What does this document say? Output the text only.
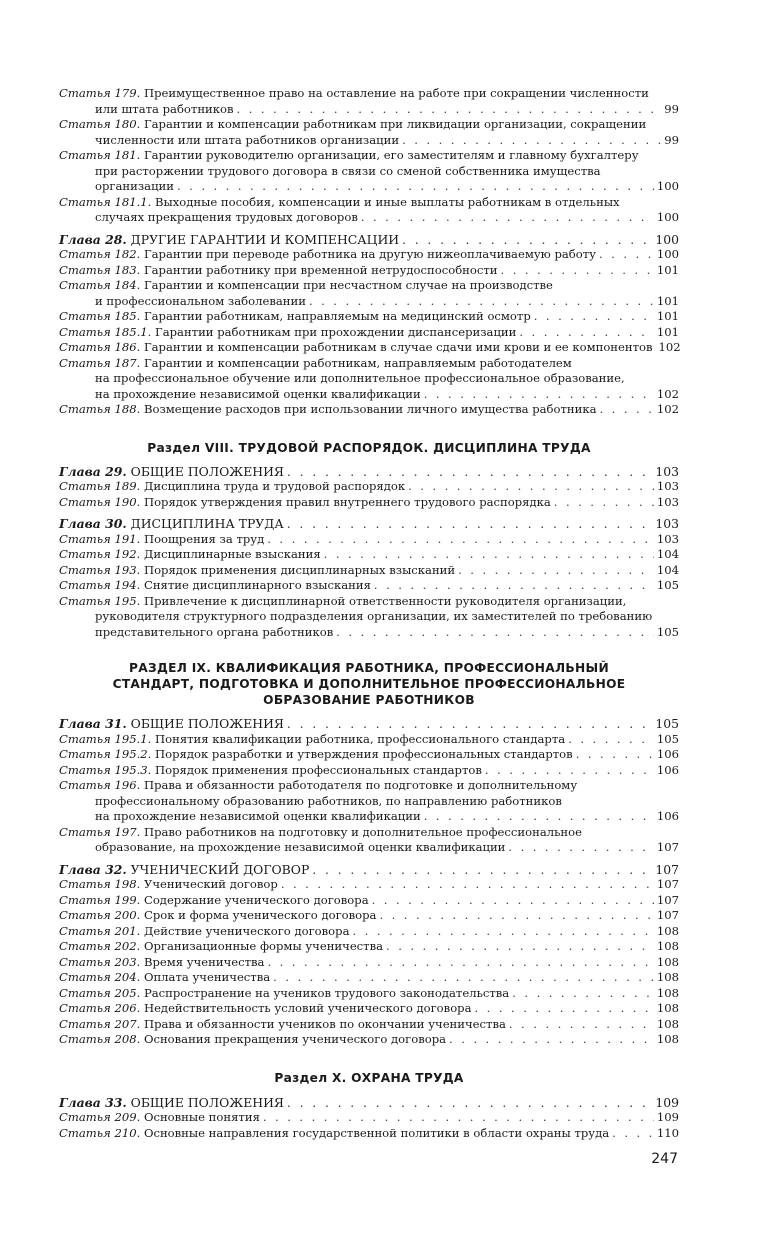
Статья 179. Преимущественное право на оставление на работе при сокращении численности
или штата работников . . .	99
Статья 180. Гарантии и компенсации работникам при ликвидации организации, сокращении
численности или штата работников организации . . .	99
Статья 181. Гарантии руководителю организации, его заместителям и главному бухгалтеру
при расторжении трудового договора в связи со сменой собственника имущества
организации . . .	100
Статья 181.1. Выходные пособия, компенсации и иные выплаты работникам в отдельных
случаях прекращения трудовых договоров . . .	100
Глава 28. ДРУГИЕ ГАРАНТИИ И КОМПЕНСАЦИИ . . .	100
Статья 182. Гарантии при переводе работника на другую нижеоплачиваемую работу . . .	100
Статья 183. Гарантии работнику при временной нетрудоспособности . . .	101
Статья 184. Гарантии и компенсации при несчастном случае на производстве
и профессиональном заболевании . . .	101
Статья 185. Гарантии работникам, направляемым на медицинский осмотр . . .	101
Статья 185.1. Гарантии работникам при прохождении диспансеризации . . .	101
Статья 186. Гарантии и компенсации работникам в случае сдачи ими крови и ее компонентов 102
Статья 187. Гарантии и компенсации работникам, направляемым работодателем
на профессиональное обучение или дополнительное профессиональное образование,
на прохождение независимой оценки квалификации . . .	102
Статья 188. Возмещение расходов при использовании личного имущества работника . . .	102
Раздел VIII. ТРУДОВОЙ РАСПОРЯДОК. ДИСЦИПЛИНА ТРУДА
Глава 29. ОБЩИЕ ПОЛОЖЕНИЯ . . .	103
Статья 189. Дисциплина труда и трудовой распорядок . . .	103
Статья 190. Порядок утверждения правил внутреннего трудового распорядка . . .	103
Глава 30. ДИСЦИПЛИНА ТРУДА . . .	103
Статья 191. Поощрения за труд . . .	103
Статья 192. Дисциплинарные взыскания . . .	104
Статья 193. Порядок применения дисциплинарных взысканий . . .	104
Статья 194. Снятие дисциплинарного взыскания . . .	105
Статья 195. Привлечение к дисциплинарной ответственности руководителя организации,
руководителя структурного подразделения организации, их заместителей по требованию
представительного органа работников . . .	105
РАЗДЕЛ IX. КВАЛИФИКАЦИЯ РАБОТНИКА, ПРОФЕССИОНАЛЬНЫЙ
СТАНДАРТ, ПОДГОТОВКА И ДОПОЛНИТЕЛЬНОЕ ПРОФЕССИОНАЛЬНОЕ
ОБРАЗОВАНИЕ РАБОТНИКОВ
Глава 31. ОБЩИЕ ПОЛОЖЕНИЯ . . .	105
Статья 195.1. Понятия квалификации работника, профессионального стандарта . . .	105
Статья 195.2. Порядок разработки и утверждения профессиональных стандартов . . .	106
Статья 195.3. Порядок применения профессиональных стандартов . . .	106
Статья 196. Права и обязанности работодателя по подготовке и дополнительному
профессиональному образованию работников, по направлению работников
на прохождение независимой оценки квалификации . . .	106
Статья 197. Право работников на подготовку и дополнительное профессиональное
образование, на прохождение независимой оценки квалификации . . .	107
Глава 32. УЧЕНИЧЕСКИЙ ДОГОВОР . . .	107
Статья 198. Ученический договор . . .	107
Статья 199. Содержание ученического договора . . .	107
Статья 200. Срок и форма ученического договора . . .	107
Статья 201. Действие ученического договора . . .	108
Статья 202. Организационные формы ученичества . . .	108
Статья 203. Время ученичества . . .	108
Статья 204. Оплата ученичества . . .	108
Статья 205. Распространение на учеников трудового законодательства . . .	108
Статья 206. Недействительность условий ученического договора . . .	108
Статья 207. Права и обязанности учеников по окончании ученичества . . .	108
Статья 208. Основания прекращения ученического договора . . .	108
Раздел X. ОХРАНА ТРУДА
Глава 33. ОБЩИЕ ПОЛОЖЕНИЯ . . .	109
Статья 209. Основные понятия . . .	109
Статья 210. Основные направления государственной политики в области охраны труда . . .	110
247
